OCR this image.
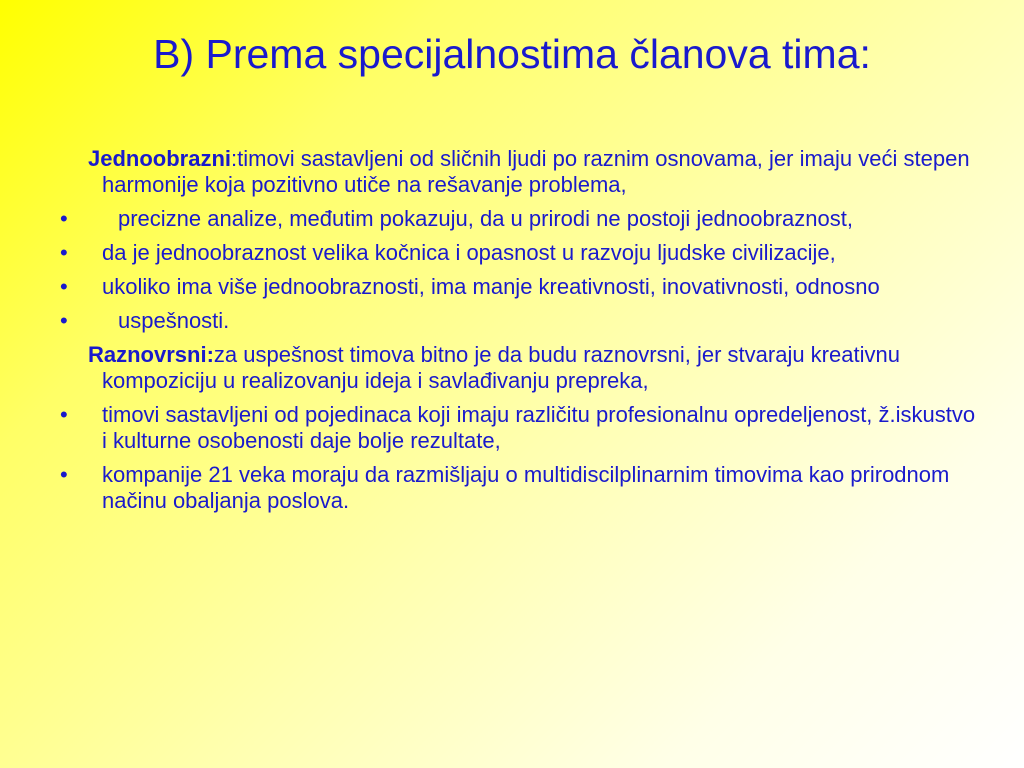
B) Prema specijalnostima članova tima:

Jednoobrazni:timovi sastavljeni od sličnih ljudi po raznim osnovama, jer imaju veći stepen harmonije koja pozitivno utiče na rešavanje problema,

• precizne analize, međutim pokazuju, da u prirodi ne postoji jednoobraznost,
• da je jednoobraznost velika kočnica i opasnost u razvoju ljudske civilizacije,
• ukoliko ima više jednoobraznosti, ima manje kreativnosti, inovativnosti, odnosno
• uspešnosti.

Raznovrsni:za uspešnost timova bitno je da budu raznovrsni, jer stvaraju kreativnu kompoziciju u realizovanju ideja i savlađivanju prepreka,

• timovi sastavljeni od pojedinaca koji imaju različitu profesionalnu opredeljenost, ž.iskustvo i kulturne osobenosti daje bolje rezultate,
• kompanije 21 veka moraju da razmišljaju o multidiscilplinarnim timovima kao prirodnom načinu obaljanja poslova.
